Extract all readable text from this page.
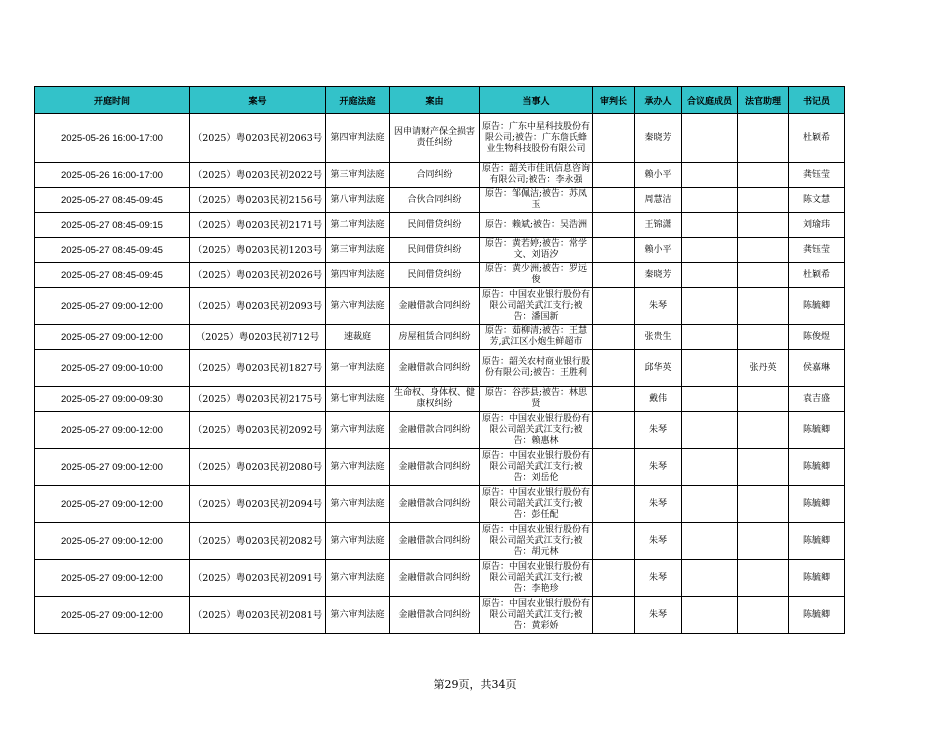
开庭时间	案号	开庭法庭	案由	当事人	审判长	承办人	合议庭成员	法官助理	书记员
2025-05-26 16:00-17:00	（2025）粤0203民初2063号	第四审判法庭	因申请财产保全损害责任纠纷	原告：广东中星科技股份有限公司;被告：广东詹氏蜂业生物科技股份有限公司		秦晓芳			杜颖希
2025-05-26 16:00-17:00	（2025）粤0203民初2022号	第三审判法庭	合同纠纷	原告：韶关市佳讯信息咨询有限公司;被告：李永强		赖小平			龚钰莹
2025-05-27 08:45-09:45	（2025）粤0203民初2156号	第八审判法庭	合伙合同纠纷	原告：邹佩洁;被告：苏凤玉		周慧洁			陈文慧
2025-05-27 08:45-09:15	（2025）粤0203民初2171号	第二审判法庭	民间借贷纠纷	原告：赖斌;被告：吴浩洲		王锦潇			刘瑜玮
2025-05-27 08:45-09:45	（2025）粤0203民初1203号	第三审判法庭	民间借贷纠纷	原告：黄若婷;被告：常学文、刘语汐		赖小平			龚钰莹
2025-05-27 08:45-09:45	（2025）粤0203民初2026号	第四审判法庭	民间借贷纠纷	原告：黄少洲;被告：罗远俊		秦晓芳			杜颖希
2025-05-27 09:00-12:00	（2025）粤0203民初2093号	第六审判法庭	金融借款合同纠纷	原告：中国农业银行股份有限公司韶关武江支行;被告：潘国新		朱琴			陈毓卿
2025-05-27 09:00-12:00	（2025）粤0203民初712号	速裁庭	房屋租赁合同纠纷	原告：茹柳清;被告：王慧芳,武江区小炮生鲜超市		张贵生			陈俊煜
2025-05-27 09:00-10:00	（2025）粤0203民初1827号	第一审判法庭	金融借款合同纠纷	原告：韶关农村商业银行股份有限公司;被告：王胜利		邱华英		张丹英	侯嘉琳
2025-05-27 09:00-09:30	（2025）粤0203民初2175号	第七审判法庭	生命权、身体权、健康权纠纷	原告：谷莎县;被告：林思贤		戴伟			袁吉盛
2025-05-27 09:00-12:00	（2025）粤0203民初2092号	第六审判法庭	金融借款合同纠纷	原告：中国农业银行股份有限公司韶关武江支行;被告：赖惠林		朱琴			陈毓卿
2025-05-27 09:00-12:00	（2025）粤0203民初2080号	第六审判法庭	金融借款合同纠纷	原告：中国农业银行股份有限公司韶关武江支行;被告：刘岳伦		朱琴			陈毓卿
2025-05-27 09:00-12:00	（2025）粤0203民初2094号	第六审判法庭	金融借款合同纠纷	原告：中国农业银行股份有限公司韶关武江支行;被告：彭任配		朱琴			陈毓卿
2025-05-27 09:00-12:00	（2025）粤0203民初2082号	第六审判法庭	金融借款合同纠纷	原告：中国农业银行股份有限公司韶关武江支行;被告：胡元林		朱琴			陈毓卿
2025-05-27 09:00-12:00	（2025）粤0203民初2091号	第六审判法庭	金融借款合同纠纷	原告：中国农业银行股份有限公司韶关武江支行;被告：李艳珍		朱琴			陈毓卿
2025-05-27 09:00-12:00	（2025）粤0203民初2081号	第六审判法庭	金融借款合同纠纷	原告：中国农业银行股份有限公司韶关武江支行;被告：黄彩娇		朱琴			陈毓卿
第29页，共34页
